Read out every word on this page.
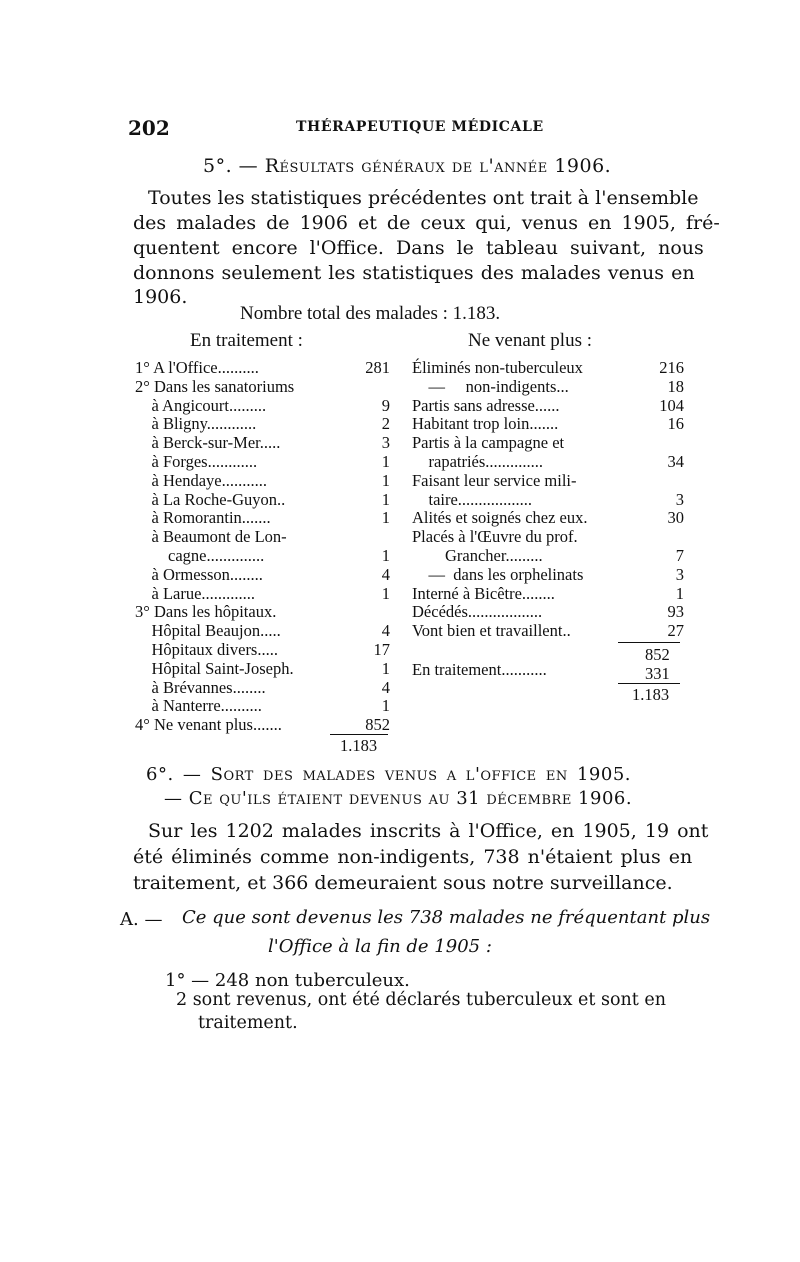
202	THÉRAPEUTIQUE MÉDICALE
5°. — Résultats généraux de l'année 1906.
Toutes les statistiques précédentes ont trait à l'ensemble
des malades de 1906 et de ceux qui, venus en 1905, fré-
quentent encore l'Office. Dans le tableau suivant, nous
donnons seulement les statistiques des malades venus en
1906.
Nombre total des malades : 1.183.
En traitement :	Ne venant plus :
1° A l'Office..........	281
2° Dans les sanatoriums
à Angicourt.........	9
à Bligny............	2
à Berck-sur-Mer.....	3
à Forges............	1
à Hendaye...........	1
à La Roche-Guyon..	1
à Romorantin.......	1
à Beaumont de Lon-
cagne..............	1
à Ormesson........	4
à Larue.............	1
3° Dans les hôpitaux.
Hôpital Beaujon.....	4
Hôpitaux divers.....	17
Hôpital Saint-Joseph.	1
à Brévannes........	4
à Nanterre..........	1
4° Ne venant plus.......	852
1.183
Éliminés non-tuberculeux	216
—     non-indigents...	18
Partis sans adresse......	104
Habitant trop loin.......	16
Partis à la campagne et
rapatriés..............	34
Faisant leur service mili-
taire..................	3
Alités et soignés chez eux.	30
Placés à l'Œuvre du prof.
Grancher.........	7
—  dans les orphelinats	3
Interné à Bicêtre........	1
Décédés..................	93
Vont bien et travaillent..	27
852
En traitement...........	331
1.183
6°. — Sort des malades venus a l'office en 1905.
— Ce qu'ils étaient devenus au 31 décembre 1906.
Sur les 1202 malades inscrits à l'Office, en 1905, 19 ont
été éliminés comme non-indigents, 738 n'étaient plus en
traitement, et 366 demeuraient sous notre surveillance.
A. — Ce que sont devenus les 738 malades ne fréquentant plus
l'Office à la fin de 1905 :
1° — 248 non tuberculeux.
2 sont revenus, ont été déclarés tuberculeux et sont en
traitement.
